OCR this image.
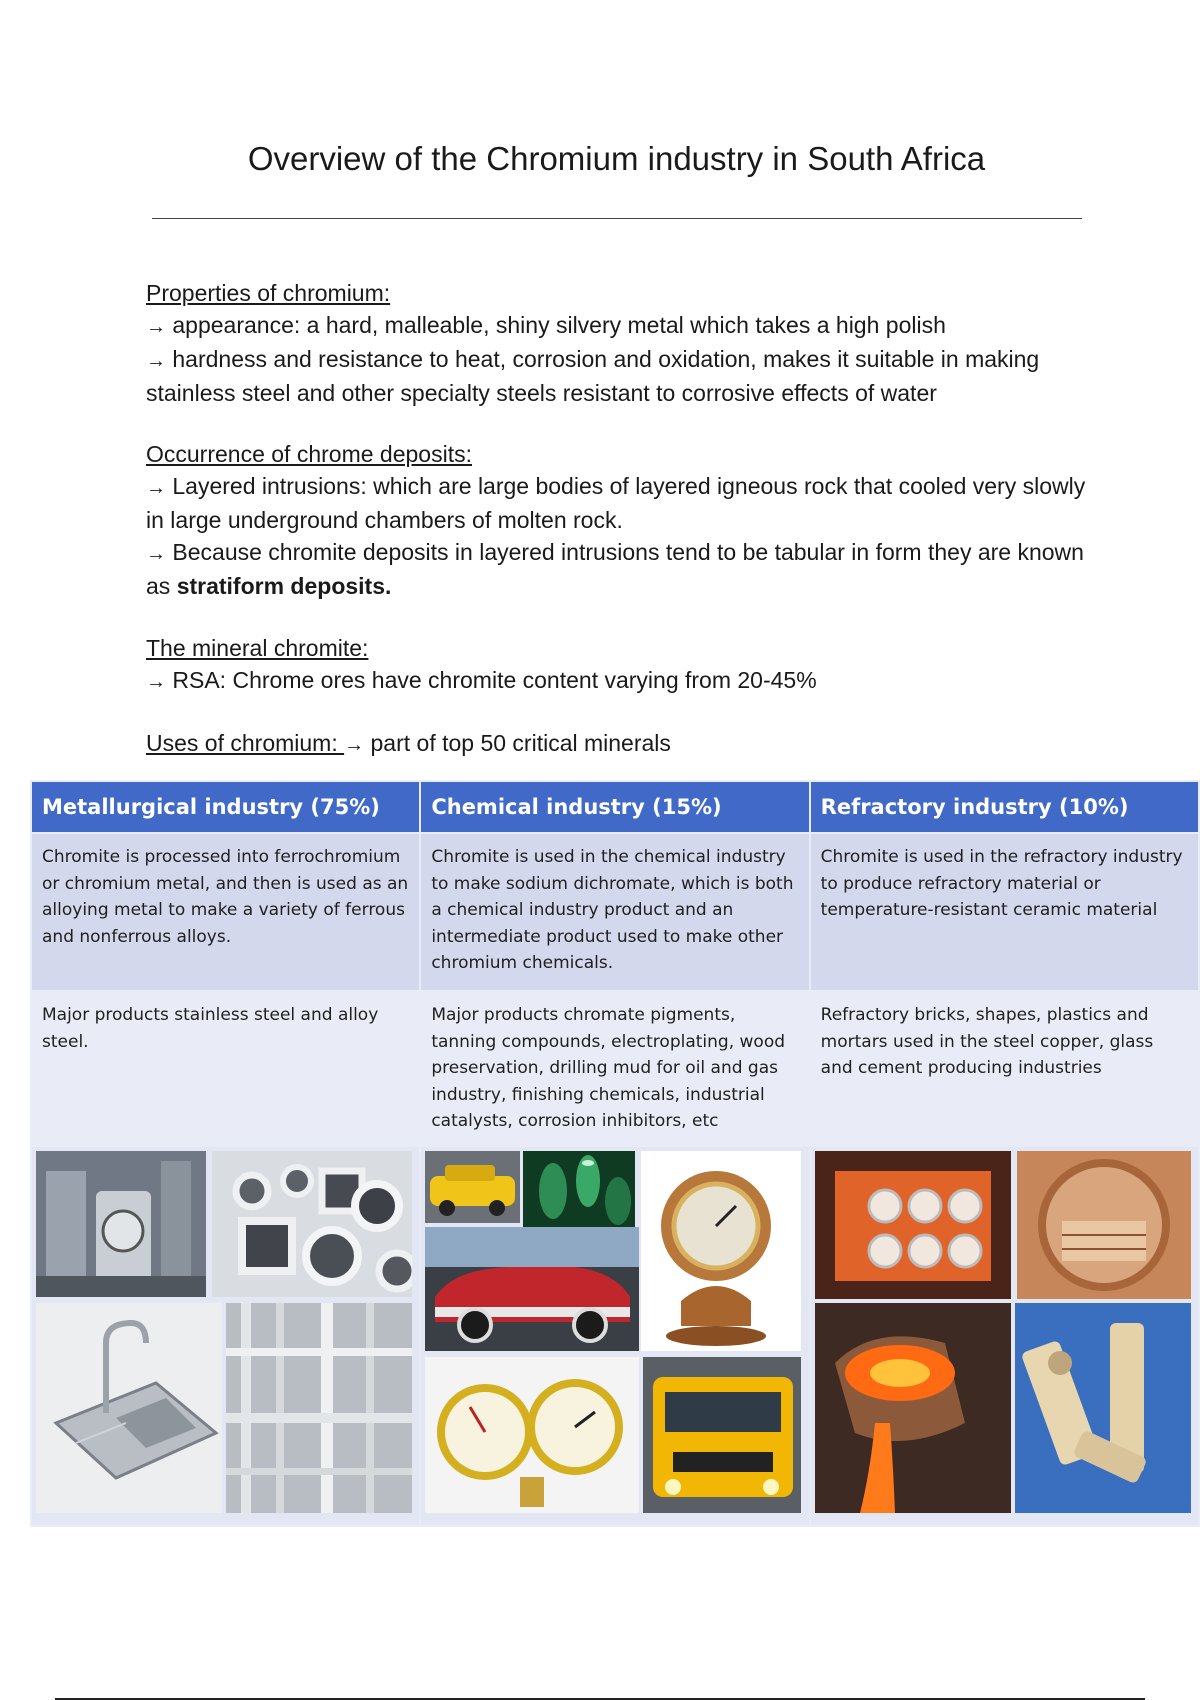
Overview of the Chromium industry in South Africa

Properties of chromium:

→ appearance: a hard, malleable, shiny silvery metal which takes a high polish

→ hardness and resistance to heat, corrosion and oxidation, makes it suitable in making stainless steel and other specialty steels resistant to corrosive effects of water

Occurrence of chrome deposits:

→ Layered intrusions: which are large bodies of layered igneous rock that cooled very slowly in large underground chambers of molten rock.

→ Because chromite deposits in layered intrusions tend to be tabular in form they are known as stratiform deposits.

The mineral chromite:

→ RSA: Chrome ores have chromite content varying from 20-45%

Uses of chromium: → part of top 50 critical minerals

Metallurgical industry (75%)	Chemical industry (15%)	Refractory industry (10%)
Chromite is processed into ferrochromium or chromium metal, and then is used as an alloying metal to make a variety of ferrous and nonferrous alloys.	Chromite is used in the chemical industry to make sodium dichromate, which is both a chemical industry product and an intermediate product used to make other chromium chemicals.	Chromite is used in the refractory industry to produce refractory material or temperature-resistant ceramic material
Major products stainless steel and alloy steel.	Major products chromate pigments, tanning compounds, electroplating, wood preservation, drilling mud for oil and gas industry, finishing chemicals, industrial catalysts, corrosion inhibitors, etc	Refractory bricks, shapes, plastics and mortars used in the steel copper, glass and cement producing industries
